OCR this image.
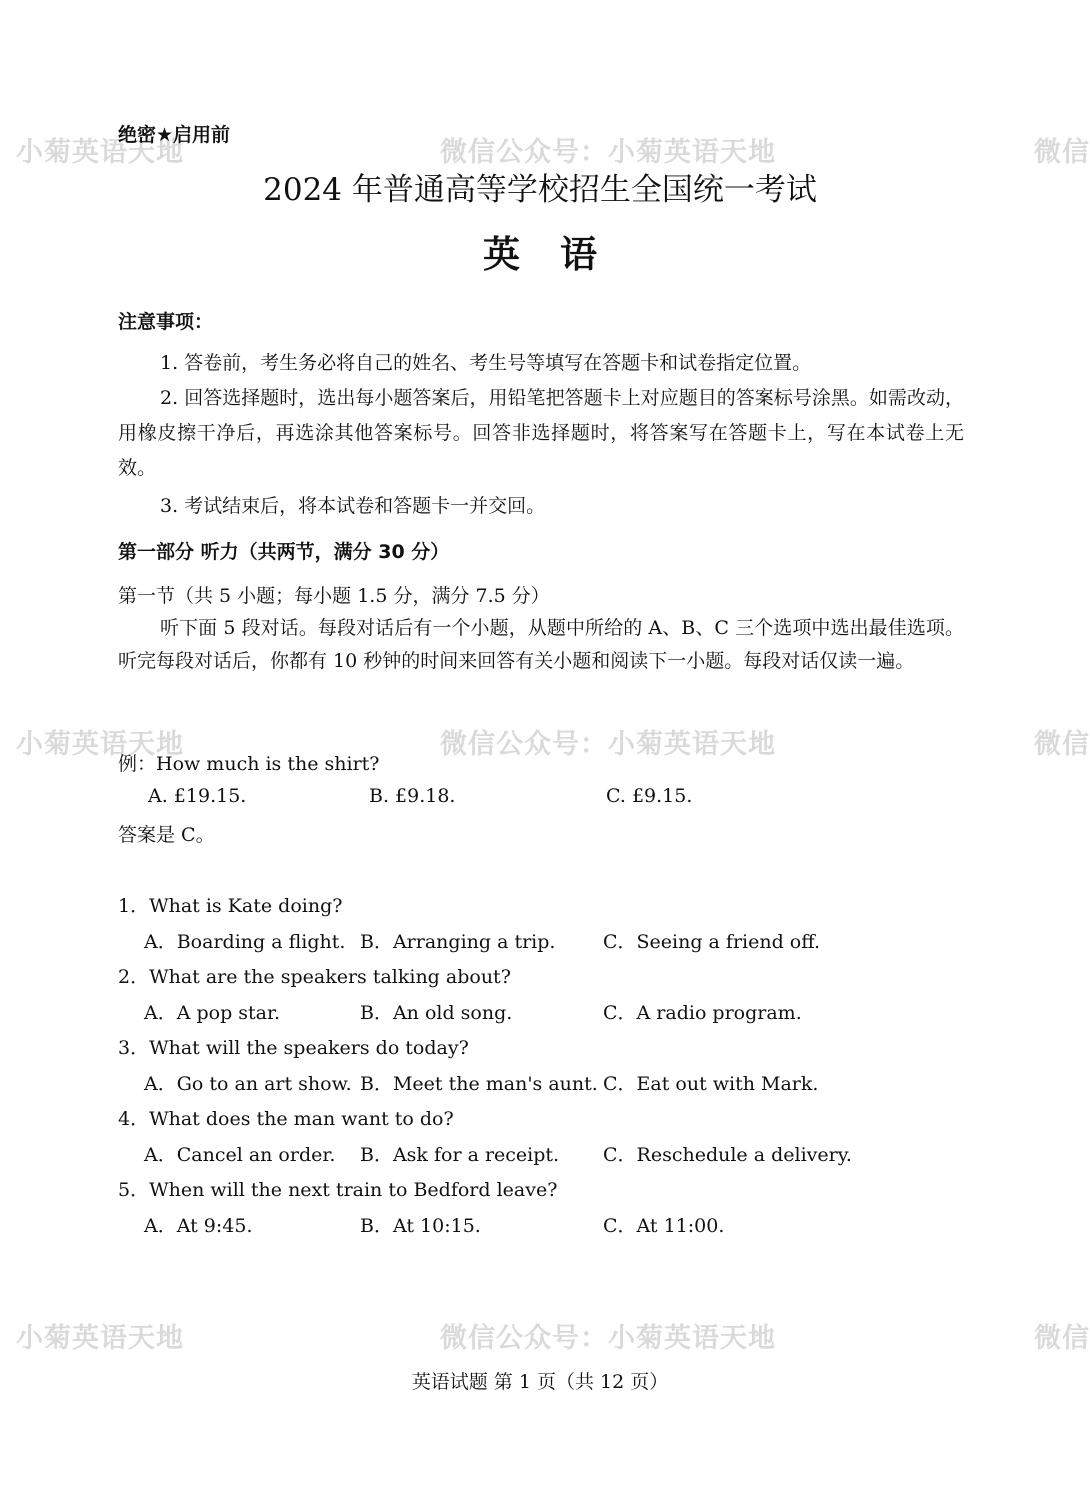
小菊英语天地	微信公众号：小菊英语天地	微信
小菊英语天地	微信公众号：小菊英语天地	微信
小菊英语天地	微信公众号：小菊英语天地	微信
绝密★启用前
2024 年普通高等学校招生全国统一考试
英语
注意事项：
1. 答卷前，考生务必将自己的姓名、考生号等填写在答题卡和试卷指定位置。
2. 回答选择题时，选出每小题答案后，用铅笔把答题卡上对应题目的答案标号涂黑。如需改动，用橡皮擦干净后，再选涂其他答案标号。回答非选择题时，将答案写在答题卡上，写在本试卷上无效。
3. 考试结束后，将本试卷和答题卡一并交回。
第一部分 听力（共两节，满分 30 分）
第一节（共 5 小题；每小题 1.5 分，满分 7.5 分）
听下面 5 段对话。每段对话后有一个小题，从题中所给的 A、B、C 三个选项中选出最佳选项。听完每段对话后，你都有 10 秒钟的时间来回答有关小题和阅读下一小题。每段对话仅读一遍。
例：How much is the shirt?
A. £19.15.	B. £9.18.	C. £9.15.
答案是 C。
1．What is Kate doing?
A．Boarding a flight. B．Arranging a trip.	C．Seeing a friend off.
2．What are the speakers talking about?
A．A pop star.	B．An old song.	C．A radio program.
3．What will the speakers do today?
A．Go to an art show. B．Meet the man's aunt. C．Eat out with Mark.
4．What does the man want to do?
A．Cancel an order. B．Ask for a receipt. C．Reschedule a delivery.
5．When will the next train to Bedford leave?
A．At 9:45.	B．At 10:15.	C．At 11:00.
英语试题 第 1 页（共 12 页）
